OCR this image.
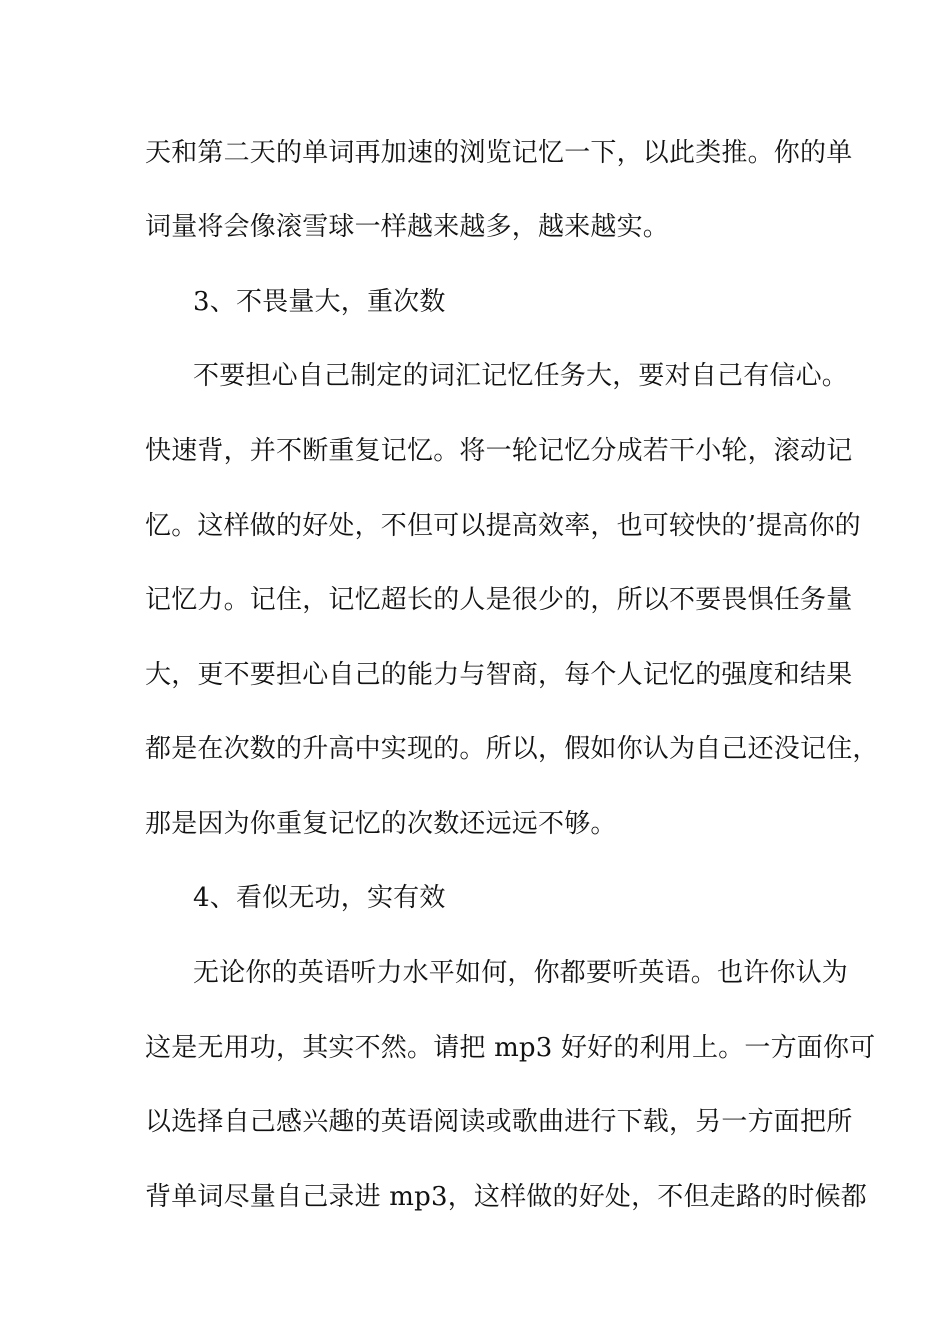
天和第二天的单词再加速的浏览记忆一下，以此类推。你的单
词量将会像滚雪球一样越来越多，越来越实。
3、不畏量大，重次数
不要担心自己制定的词汇记忆任务大，要对自己有信心。
快速背，并不断重复记忆。将一轮记忆分成若干小轮，滚动记
忆。这样做的好处，不但可以提高效率，也可较快的’提高你的
记忆力。记住，记忆超长的人是很少的，所以不要畏惧任务量
大，更不要担心自己的能力与智商，每个人记忆的强度和结果
都是在次数的升高中实现的。所以，假如你认为自己还没记住，
那是因为你重复记忆的次数还远远不够。
4、看似无功，实有效
无论你的英语听力水平如何，你都要听英语。也许你认为
这是无用功，其实不然。请把 mp3 好好的利用上。一方面你可
以选择自己感兴趣的英语阅读或歌曲进行下载，另一方面把所
背单词尽量自己录进 mp3，这样做的好处，不但走路的时候都
